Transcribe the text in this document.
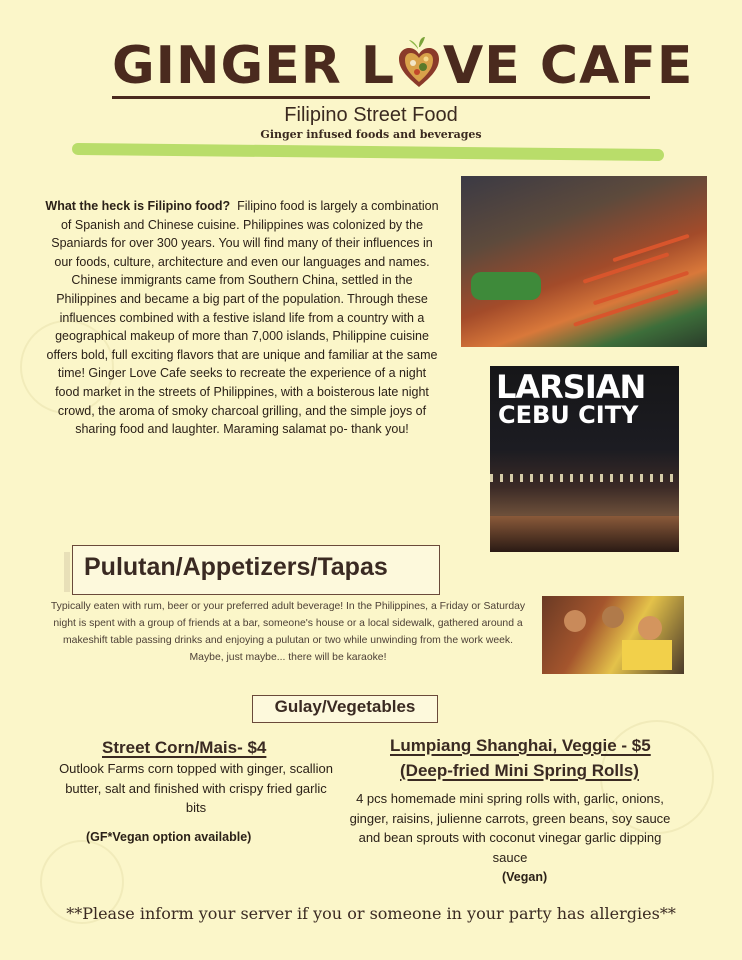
GINGER L VE CAFE
Filipino Street Food
Ginger infused foods and beverages
What the heck is Filipino food? Filipino food is largely a combination of Spanish and Chinese cuisine. Philippines was colonized by the Spaniards for over 300 years. You will find many of their influences in our foods, culture, architecture and even our languages and names. Chinese immigrants came from Southern China, settled in the Philippines and became a big part of the population. Through these influences combined with a festive island life from a country with a geographical makeup of more than 7,000 islands, Philippine cuisine offers bold, full exciting flavors that are unique and familiar at the same time! Ginger Love Cafe seeks to recreate the experience of a night food market in the streets of Philippines, with a boisterous late night crowd, the aroma of smoky charcoal grilling, and the simple joys of sharing food and laughter. Maraming salamat po- thank you!
LARSIAN
CEBU CITY
Pulutan/Appetizers/Tapas
Typically eaten with rum, beer or your preferred adult beverage! In the Philippines, a Friday or Saturday night is spent with a group of friends at a bar, someone's house or a local sidewalk, gathered around a makeshift table passing drinks and enjoying a pulutan or two while unwinding from the work week. Maybe, just maybe... there will be karaoke!
Gulay/Vegetables
Street Corn/Mais- $4
Outlook Farms corn topped with ginger, scallion butter, salt and finished with crispy fried garlic bits
(GF*Vegan option available)
Lumpiang Shanghai, Veggie - $5
(Deep-fried Mini Spring Rolls)
4 pcs homemade mini spring rolls with, garlic, onions, ginger, raisins, julienne carrots, green beans, soy sauce and bean sprouts with coconut vinegar garlic dipping sauce
(Vegan)
**Please inform your server if you or someone in your party has allergies**
